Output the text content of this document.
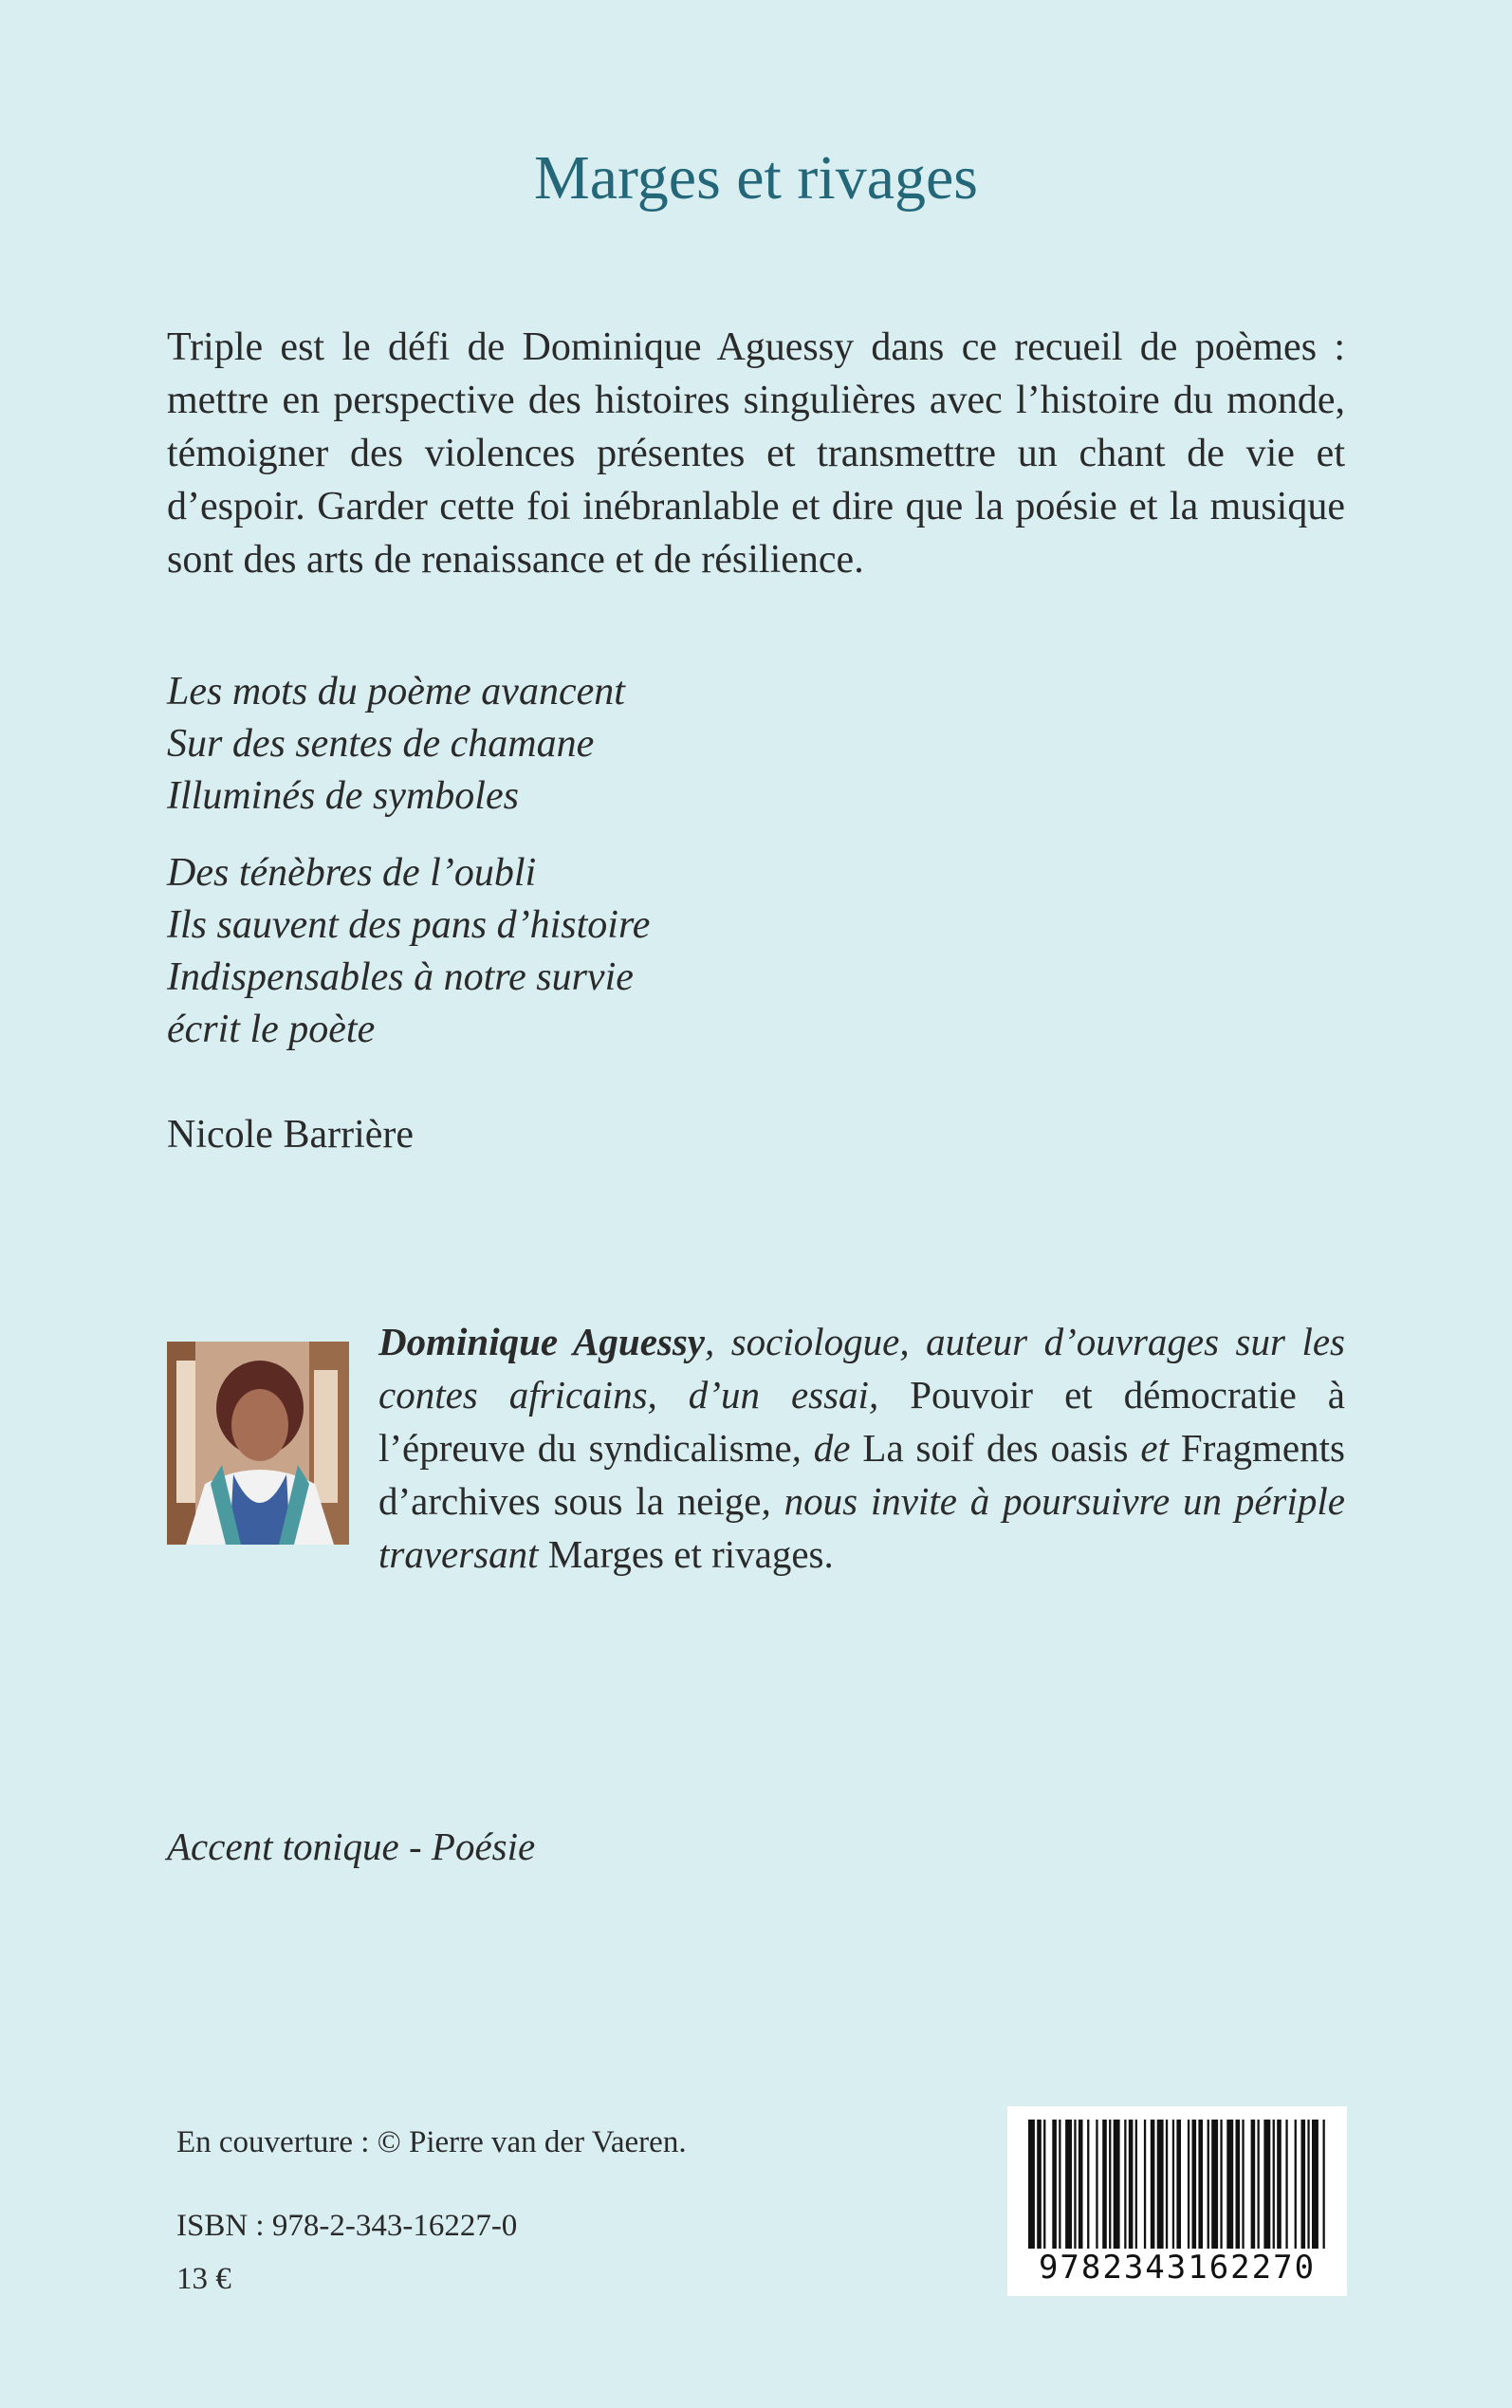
Marges et rivages
Triple est le défi de Dominique Aguessy dans ce recueil de poèmes : mettre en perspective des histoires singulières avec l’histoire du monde, témoigner des violences présentes et transmettre un chant de vie et d’espoir. Garder cette foi inébranlable et dire que la poésie et la musique sont des arts de renaissance et de résilience.
Les mots du poème avancent
Sur des sentes de chamane
Illuminés de symboles
Des ténèbres de l’oubli
Ils sauvent des pans d’histoire
Indispensables à notre survie
écrit le poète
Nicole Barrière
Dominique Aguessy, sociologue, auteur d’ouvrages sur les contes africains, d’un essai, Pouvoir et démocratie à l’épreuve du syndicalisme, de La soif des oasis et Fragments d’archives sous la neige, nous invite à poursuivre un périple traversant Marges et rivages.
Accent tonique - Poésie
En couverture : © Pierre van der Vaeren.
ISBN : 978-2-343-16227-0
13 €	9782343162270
